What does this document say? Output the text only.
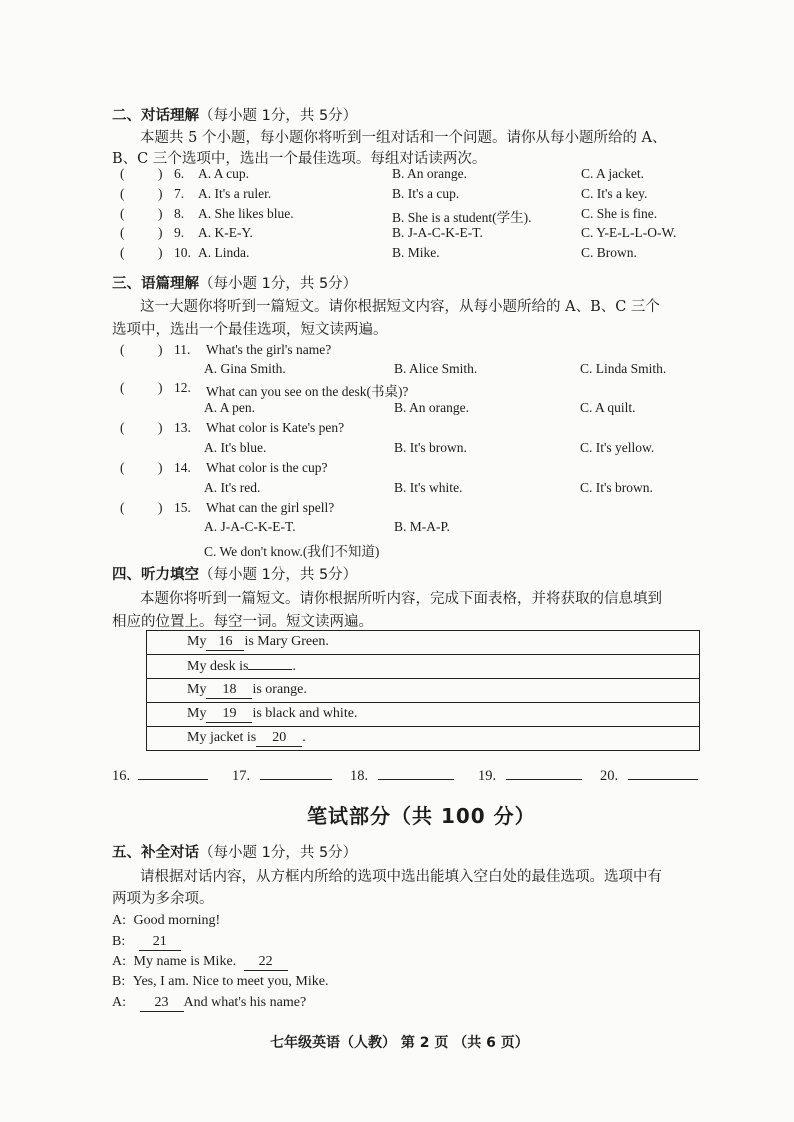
二、对话理解（每小题 1分，共 5分）
本题共 5 个小题，每小题你将听到一组对话和一个问题。请你从每小题所给的 A、
B、C 三个选项中，选出一个最佳选项。每组对话读两次。
( ) 6. A. A cup.	B. An orange.	C. A jacket.
( ) 7. A. It's a ruler.	B. It's a cup.	C. It's a key.
( ) 8. A. She likes blue.	B. She is a student(学生).	C. She is fine.
( ) 9. A. K-E-Y.	B. J-A-C-K-E-T.	C. Y-E-L-L-O-W.
( ) 10. A. Linda.	B. Mike.	C. Brown.
三、语篇理解（每小题 1分，共 5分）
这一大题你将听到一篇短文。请你根据短文内容，从每小题所给的 A、B、C 三个
选项中，选出一个最佳选项，短文读两遍。
( ) 11. What's the girl's name?
A. Gina Smith.	B. Alice Smith.	C. Linda Smith.
( ) 12. What can you see on the desk(书桌)?
A. A pen.	B. An orange.	C. A quilt.
( ) 13. What color is Kate's pen?
A. It's blue.	B. It's brown.	C. It's yellow.
( ) 14. What color is the cup?
A. It's red.	B. It's white.	C. It's brown.
( ) 15. What can the girl spell?
A. J-A-C-K-E-T.	B. M-A-P.
C. We don't know.(我们不知道)
四、听力填空（每小题 1分，共 5分）
本题你将听到一篇短文。请你根据所听内容，完成下面表格，并将获取的信息填到
相应的位置上。每空一词。短文读两遍。
My 16 is Mary Green.
My desk is	.
My 18 is orange.
My 19 is black and white.
My jacket is 20 .
16.	17.	18.	19.	20.
笔试部分（共 100 分）
五、补全对话（每小题 1分，共 5分）
请根据对话内容，从方框内所给的选项中选出能填入空白处的最佳选项。选项中有
两项为多余项。
A: Good morning!
B: 21
A: My name is Mike. 22
B: Yes, I am. Nice to meet you, Mike.
A: 23 And what's his name?
七年级英语（人教） 第 2 页 （共 6 页）
